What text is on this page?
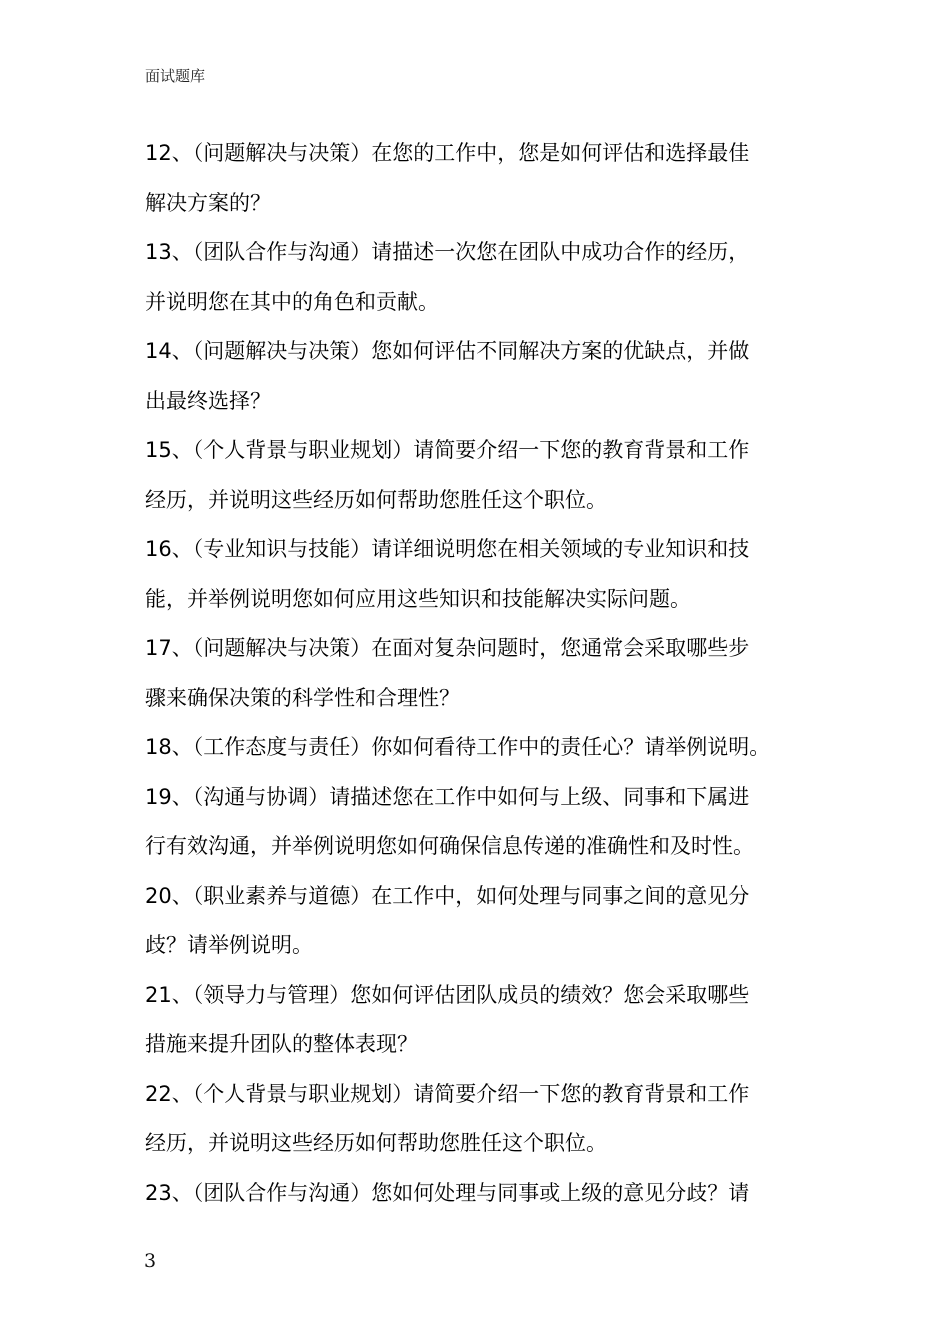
面试题库

12、（问题解决与决策）在您的工作中，您是如何评估和选择最佳

解决方案的？

13、（团队合作与沟通）请描述一次您在团队中成功合作的经历，

并说明您在其中的角色和贡献。

14、（问题解决与决策）您如何评估不同解决方案的优缺点，并做

出最终选择？

15、（个人背景与职业规划）请简要介绍一下您的教育背景和工作

经历，并说明这些经历如何帮助您胜任这个职位。

16、（专业知识与技能）请详细说明您在相关领域的专业知识和技

能，并举例说明您如何应用这些知识和技能解决实际问题。

17、（问题解决与决策）在面对复杂问题时，您通常会采取哪些步

骤来确保决策的科学性和合理性？

18、（工作态度与责任）你如何看待工作中的责任心？请举例说明。

19、（沟通与协调）请描述您在工作中如何与上级、同事和下属进

行有效沟通，并举例说明您如何确保信息传递的准确性和及时性。

20、（职业素养与道德）在工作中，如何处理与同事之间的意见分

歧？请举例说明。

21、（领导力与管理）您如何评估团队成员的绩效？您会采取哪些

措施来提升团队的整体表现？

22、（个人背景与职业规划）请简要介绍一下您的教育背景和工作

经历，并说明这些经历如何帮助您胜任这个职位。

23、（团队合作与沟通）您如何处理与同事或上级的意见分歧？请

3
